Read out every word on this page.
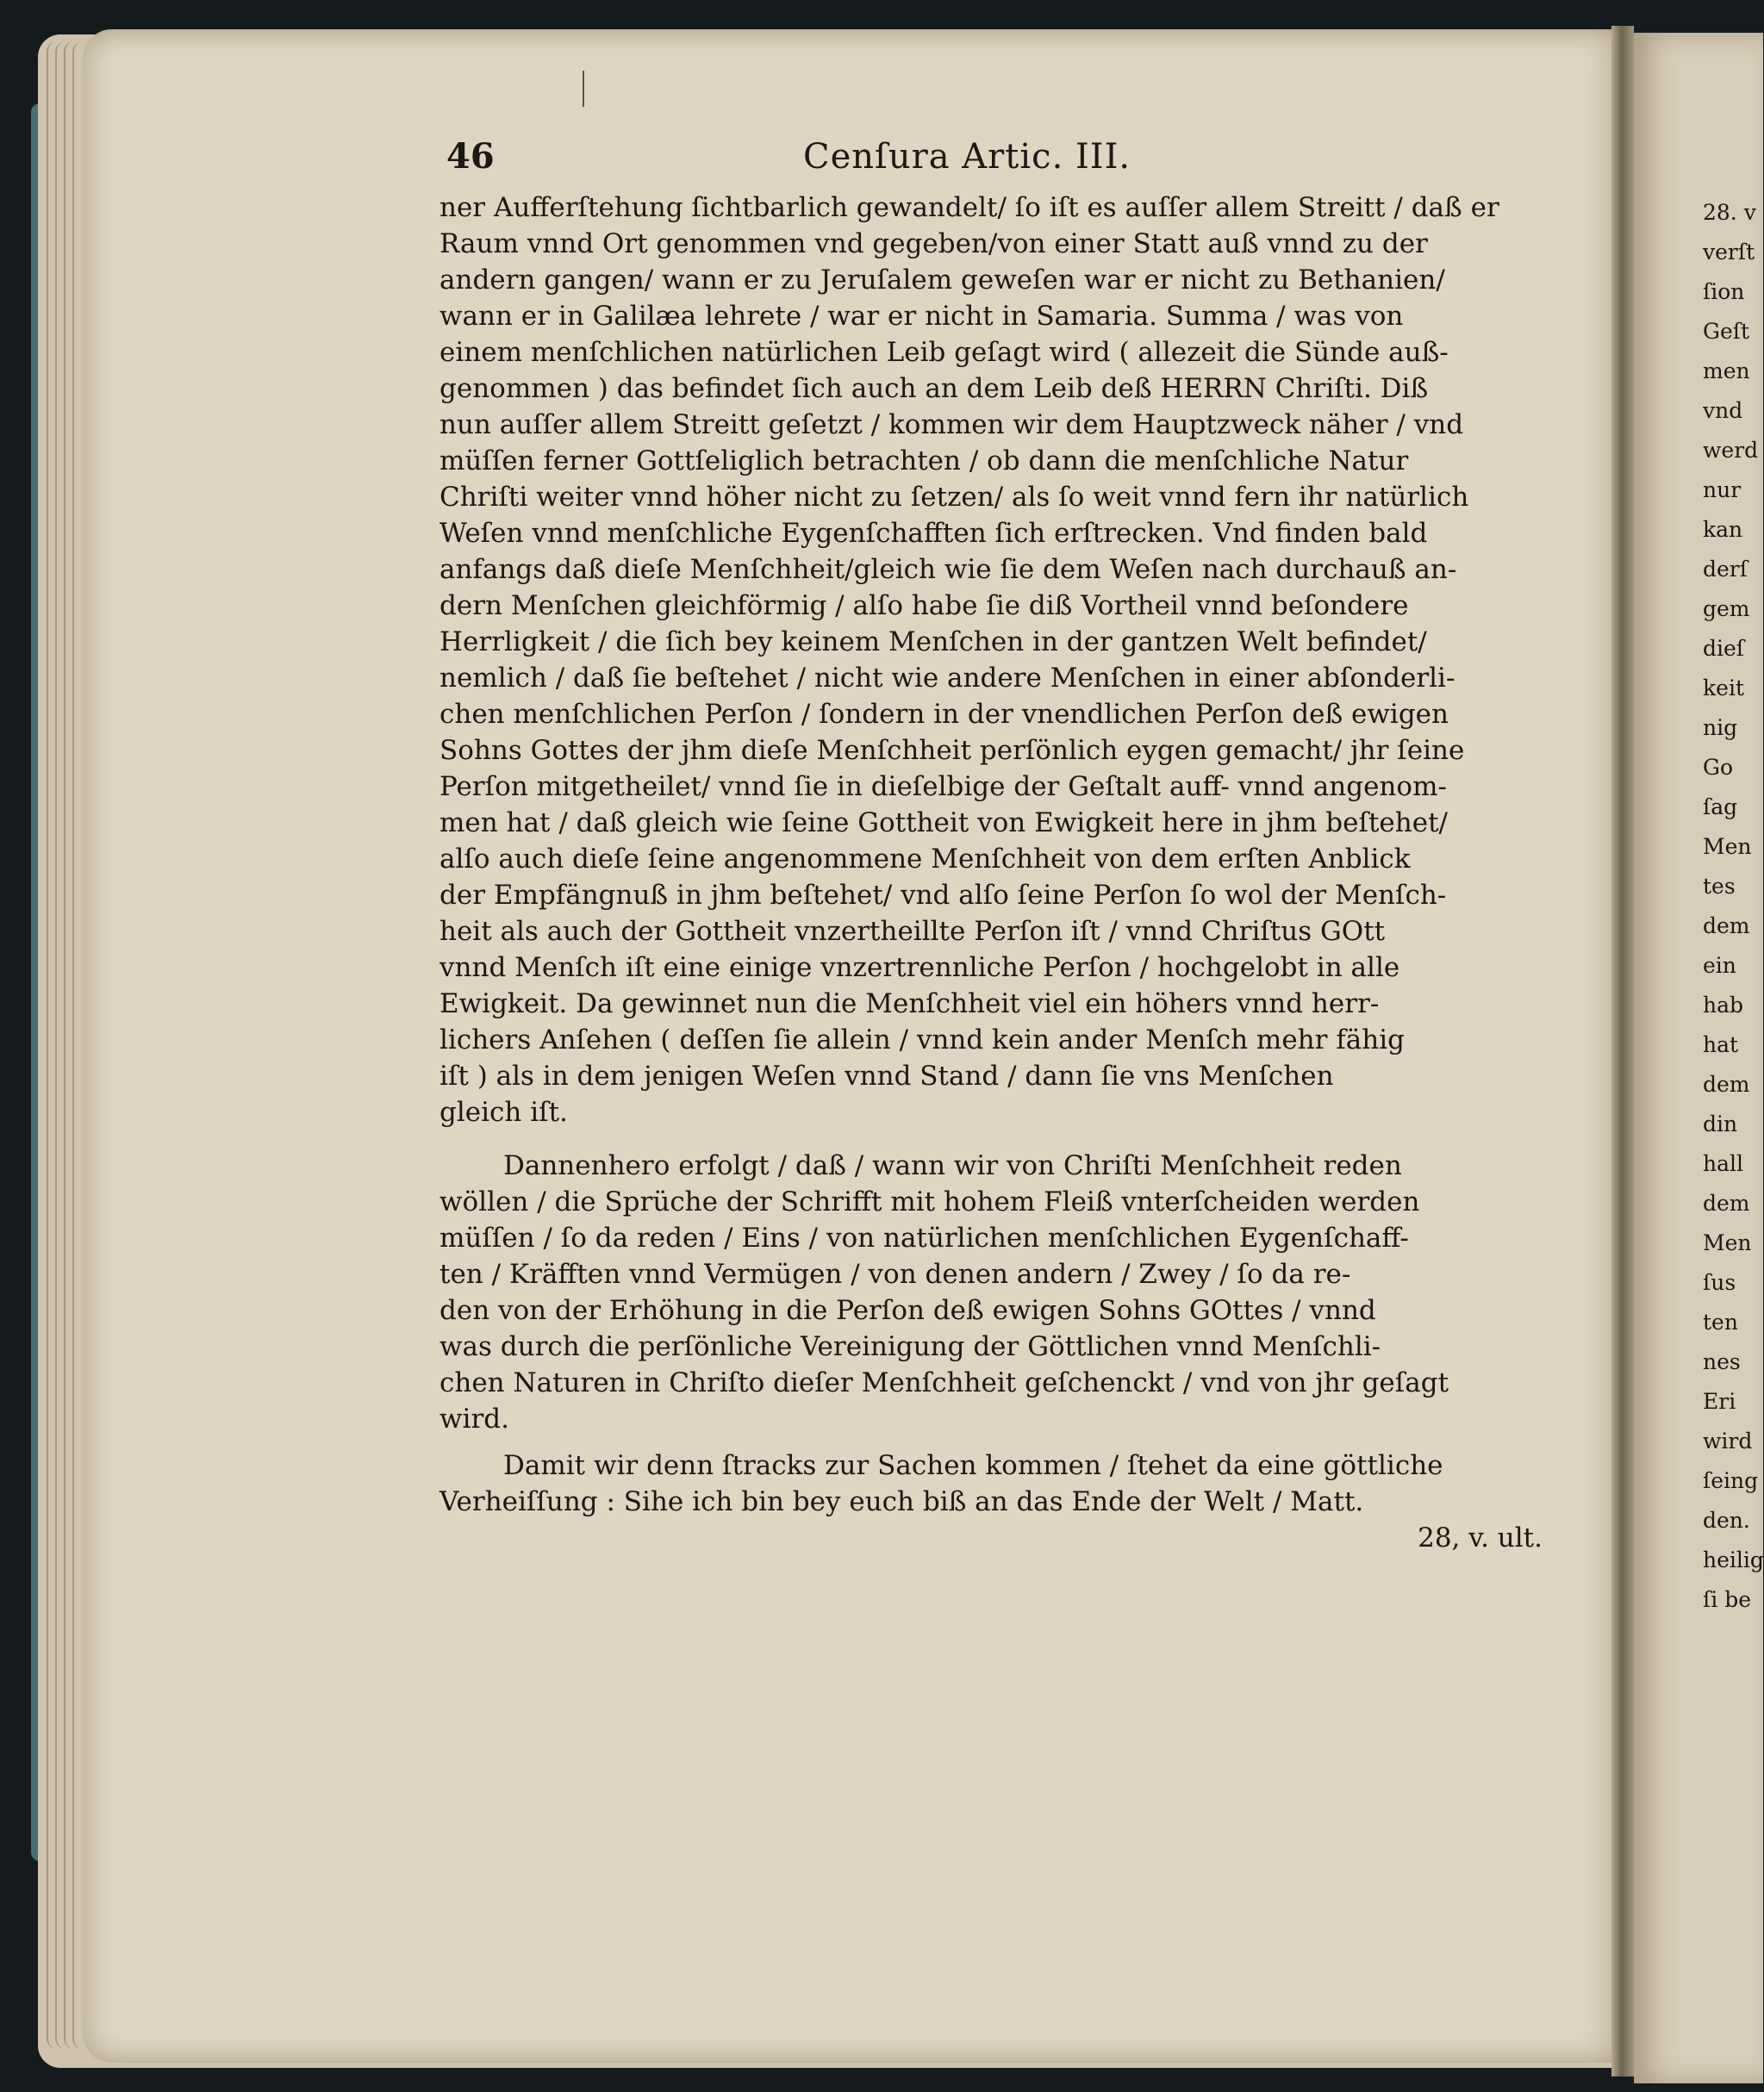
46	Cenſura Artic. III.
ner Aufferſtehung ſichtbarlich gewandelt/ ſo iſt es auſſer allem Streitt / daß er
Raum vnnd Ort genommen vnd gegeben/von einer Statt auß vnnd zu der
andern gangen/ wann er zu Jeruſalem geweſen war er nicht zu Bethanien/
wann er in Galilæa lehrete / war er nicht in Samaria. Summa / was von
einem menſchlichen natürlichen Leib geſagt wird ( allezeit die Sünde auß-
genommen ) das befindet ſich auch an dem Leib deß HERRN Chriſti. Diß
nun auſſer allem Streitt geſetzt / kommen wir dem Hauptzweck näher / vnd
müſſen ferner Gottſeliglich betrachten / ob dann die menſchliche Natur
Chriſti weiter vnnd höher nicht zu ſetzen/ als ſo weit vnnd fern ihr natürlich
Weſen vnnd menſchliche Eygenſchafften ſich erſtrecken. Vnd finden bald
anfangs daß dieſe Menſchheit/gleich wie ſie dem Weſen nach durchauß an-
dern Menſchen gleichförmig / alſo habe ſie diß Vortheil vnnd beſondere
Herrligkeit / die ſich bey keinem Menſchen in der gantzen Welt befindet/
nemlich / daß ſie beſtehet / nicht wie andere Menſchen in einer abſonderli-
chen menſchlichen Perſon / ſondern in der vnendlichen Perſon deß ewigen
Sohns Gottes der jhm dieſe Menſchheit perſönlich eygen gemacht/ jhr ſeine
Perſon mitgetheilet/ vnnd ſie in dieſelbige der Geſtalt auff- vnnd angenom-
men hat / daß gleich wie ſeine Gottheit von Ewigkeit here in jhm beſtehet/
alſo auch dieſe ſeine angenommene Menſchheit von dem erſten Anblick
der Empfängnuß in jhm beſtehet/ vnd alſo ſeine Perſon ſo wol der Menſch-
heit als auch der Gottheit vnzertheillte Perſon iſt / vnnd Chriſtus GOtt
vnnd Menſch iſt eine einige vnzertrennliche Perſon / hochgelobt in alle
Ewigkeit. Da gewinnet nun die Menſchheit viel ein höhers vnnd herr-
lichers Anſehen ( deſſen ſie allein / vnnd kein ander Menſch mehr fähig
iſt ) als in dem jenigen Weſen vnnd Stand / dann ſie vns Menſchen
gleich iſt.
Dannenhero erfolgt / daß / wann wir von Chriſti Menſchheit reden
wöllen / die Sprüche der Schrifft mit hohem Fleiß vnterſcheiden werden
müſſen / ſo da reden / Eins / von natürlichen menſchlichen Eygenſchaff-
ten / Kräfften vnnd Vermügen / von denen andern / Zwey / ſo da re-
den von der Erhöhung in die Perſon deß ewigen Sohns GOttes / vnnd
was durch die perſönliche Vereinigung der Göttlichen vnnd Menſchli-
chen Naturen in Chriſto dieſer Menſchheit geſchenckt / vnd von jhr geſagt
wird.
Damit wir denn ſtracks zur Sachen kommen / ſtehet da eine göttliche
Verheiſſung : Sihe ich bin bey euch biß an das Ende der Welt / Matt.
28, v. ult.
28. v
verſt
ſion
Geſt
men
vnd
werd
nur
kan
derſ
gem
dieſ
keit
nig
Go
ſag
Men
tes
dem
ein
hab
hat
dem
din
hall
dem
Men
ſus
ten
nes
Eri
wird
ſeing
den.
heilig
ſi be
